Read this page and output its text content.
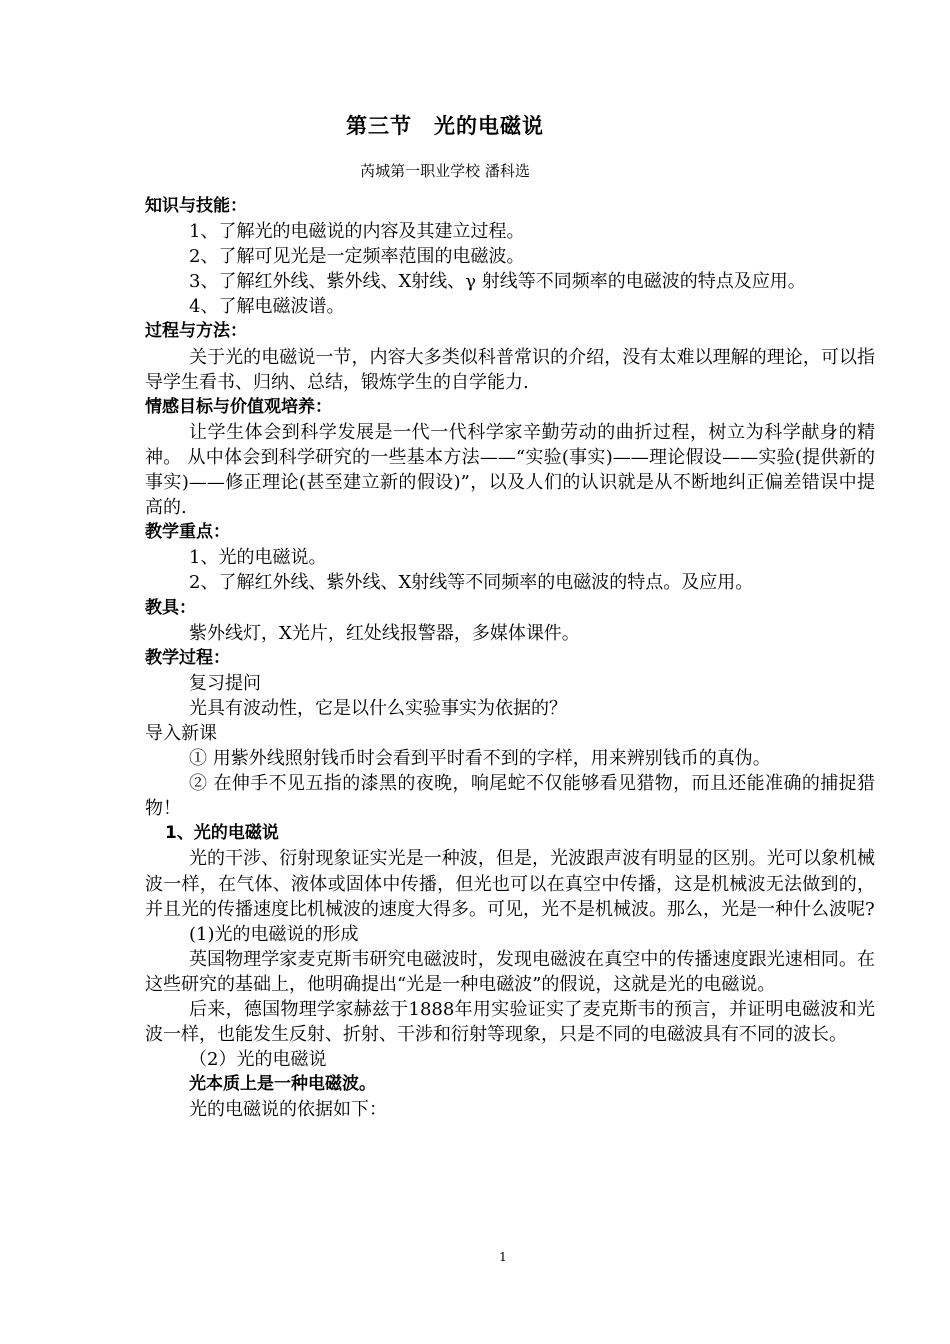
第三节　光的电磁说
芮城第一职业学校 潘科选

知识与技能：

1、了解光的电磁说的内容及其建立过程。

2、了解可见光是一定频率范围的电磁波。

3、了解红外线、紫外线、X射线、γ 射线等不同频率的电磁波的特点及应用。

4、了解电磁波谱。

过程与方法：

关于光的电磁说一节，内容大多类似科普常识的介绍，没有太难以理解的理论，可以指导学生看书、归纳、总结，锻炼学生的自学能力.

情感目标与价值观培养：

让学生体会到科学发展是一代一代科学家辛勤劳动的曲折过程，树立为科学献身的精神。 从中体会到科学研究的一些基本方法——“实验(事实)——理论假设——实验(提供新的事实)——修正理论(甚至建立新的假设)”，以及人们的认识就是从不断地纠正偏差错误中提高的.

教学重点：

1、光的电磁说。

2、了解红外线、紫外线、X射线等不同频率的电磁波的特点。及应用。

教具：

紫外线灯，X光片，红处线报警器，多媒体课件。

教学过程：

复习提问

光具有波动性，它是以什么实验事实为依据的？

导入新课

① 用紫外线照射钱币时会看到平时看不到的字样，用来辨别钱币的真伪。

② 在伸手不见五指的漆黑的夜晚，响尾蛇不仅能够看见猎物，而且还能准确的捕捉猎物！

1、光的电磁说

光的干涉、衍射现象证实光是一种波，但是，光波跟声波有明显的区别。光可以象机械波一样，在气体、液体或固体中传播，但光也可以在真空中传播，这是机械波无法做到的，并且光的传播速度比机械波的速度大得多。可见，光不是机械波。那么，光是一种什么波呢?

(1)光的电磁说的形成

英国物理学家麦克斯韦研究电磁波时，发现电磁波在真空中的传播速度跟光速相同。在这些研究的基础上，他明确提出“光是一种电磁波”的假说，这就是光的电磁说。

后来，德国物理学家赫兹于1888年用实验证实了麦克斯韦的预言，并证明电磁波和光波一样，也能发生反射、折射、干涉和衍射等现象，只是不同的电磁波具有不同的波长。

（2）光的电磁说

光本质上是一种电磁波。

光的电磁说的依据如下：

1
